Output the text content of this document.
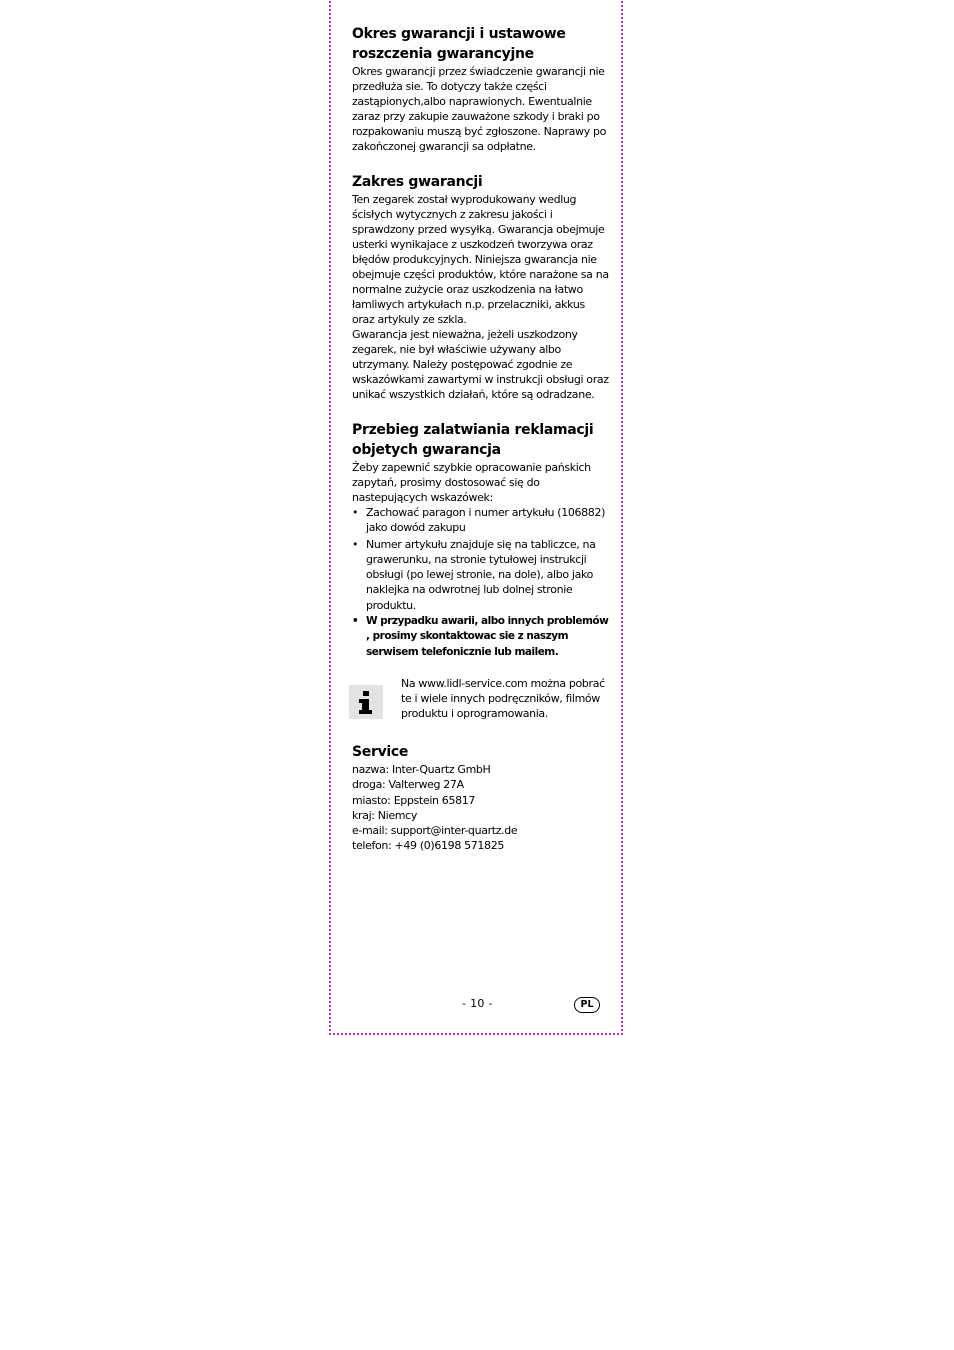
Okres gwarancji i ustawowe roszczenia gwarancyjne

Okres gwarancji przez świadczenie gwarancji nie przedłuża sie. To dotyczy także części zastąpionych,albo naprawionych. Ewentualnie zaraz przy zakupie zauważone szkody i braki po rozpakowaniu muszą być zgłoszone. Naprawy po zakończonej gwarancji sa odpłatne.

Zakres gwarancji

Ten zegarek został wyprodukowany wedlug ścisłych wytycznych z zakresu jakości i sprawdzony przed wysyłką. Gwarancja obejmuje usterki wynikajace z uszkodzeń tworzywa oraz błędów produkcyjnych. Niniejsza gwarancja nie obejmuje części produktów, które narażone sa na normalne zużycie oraz uszkodzenia na łatwo łamliwych artykułach n.p. przelaczniki, akkus oraz artykuly ze szkla.

Gwarancja jest nieważna, jeżeli uszkodzony zegarek, nie był właściwie używany albo utrzymany. Należy postępować zgodnie ze wskazówkami zawartymi w instrukcji obsługi oraz unikać wszystkich działań, które są odradzane.

Przebieg zalatwiania reklamacji objetych gwarancja

Żeby zapewnić szybkie opracowanie pańskich zapytań, prosimy dostosować się do nastepujących wskazówek:

• Zachować paragon i numer artykułu (106882) jako dowód zakupu
• Numer artykułu znajduje się na tabliczce, na grawerunku, na stronie tytułowej instrukcji obsługi (po lewej stronie, na dole), albo jako naklejka na odwrotnej lub dolnej stronie produktu.
• W przypadku awarii, albo innych problemów , prosimy skontaktowac sie z naszym serwisem telefonicznie lub mailem.

Na www.lidl-service.com można pobrać te i wiele innych podręczników, filmów produktu i oprogramowania.

Service

nazwa: Inter-Quartz GmbH

droga: Valterweg 27A

miasto: Eppstein 65817

kraj: Niemcy

e-mail: support@inter-quartz.de

telefon: +49 (0)6198 571825

- 10 -	PL
